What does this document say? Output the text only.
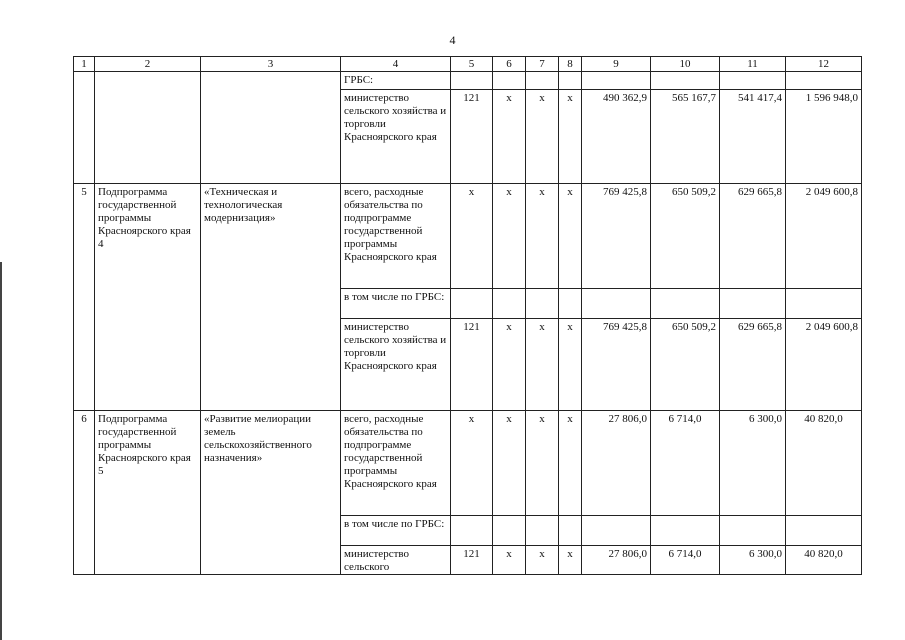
4
1	2	3	4	5	6	7	8	9	10	11	12
			ГРБС:								
			министерство сельского хозяйства и торговли Красноярского края	121	х	х	х	490 362,9	565 167,7	541 417,4	1 596 948,0
5	Подпрограмма государственной программы Красноярского края 4	«Техническая и технологическая модернизация»	всего, расходные обязательства по подпрограмме государственной программы Красноярского края	х	х	х	х	769 425,8	650 509,2	629 665,8	2 049 600,8
			в том числе по ГРБС:								
			министерство сельского хозяйства и торговли Красноярского края	121	х	х	х	769 425,8	650 509,2	629 665,8	2 049 600,8
6	Подпрограмма государственной программы Красноярского края 5	«Развитие мелиорации земель сельскохозяйственного назначения»	всего, расходные обязательства по подпрограмме государственной программы Красноярского края	х	х	х	х	27 806,0	6 714,0	6 300,0	40 820,0
			в том числе по ГРБС:								
			министерство сельского	121	х	х	х	27 806,0	6 714,0	6 300,0	40 820,0
